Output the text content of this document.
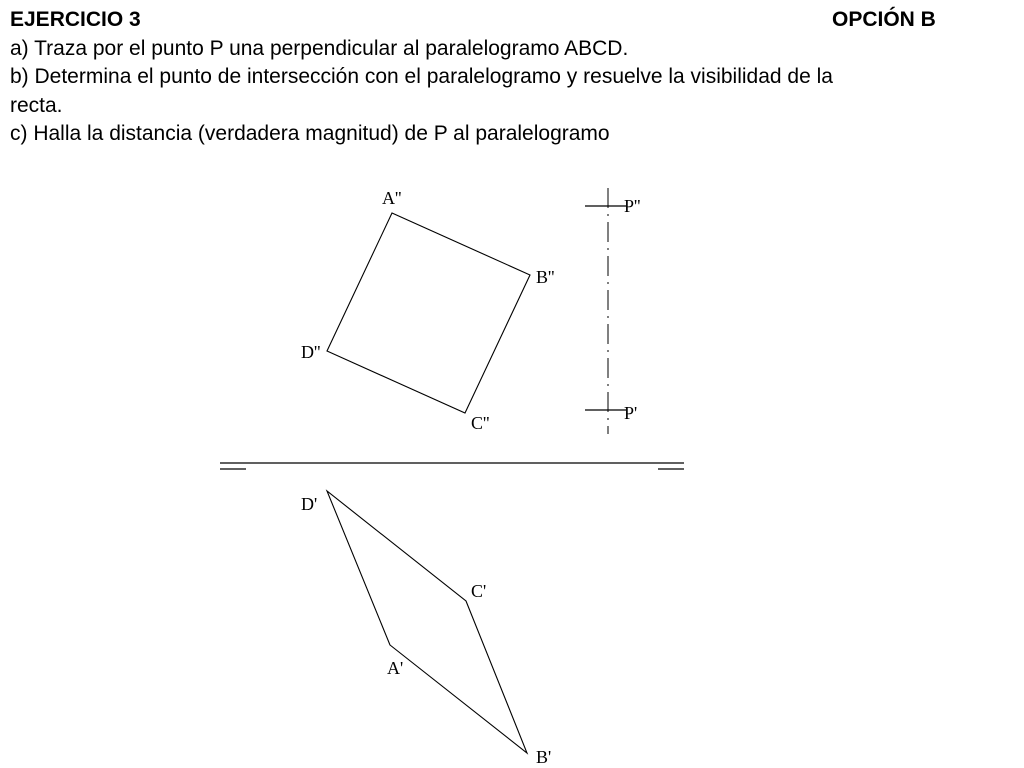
EJERCICIO 3	OPCIÓN B
a) Traza por el punto P una perpendicular al paralelogramo ABCD.
b) Determina el punto de intersección con el paralelogramo y resuelve la visibilidad de la
recta.
c) Halla la distancia (verdadera magnitud) de P al paralelogramo
A''
B''
C''
D''
P''
P'
D'
C'
A'
B'
